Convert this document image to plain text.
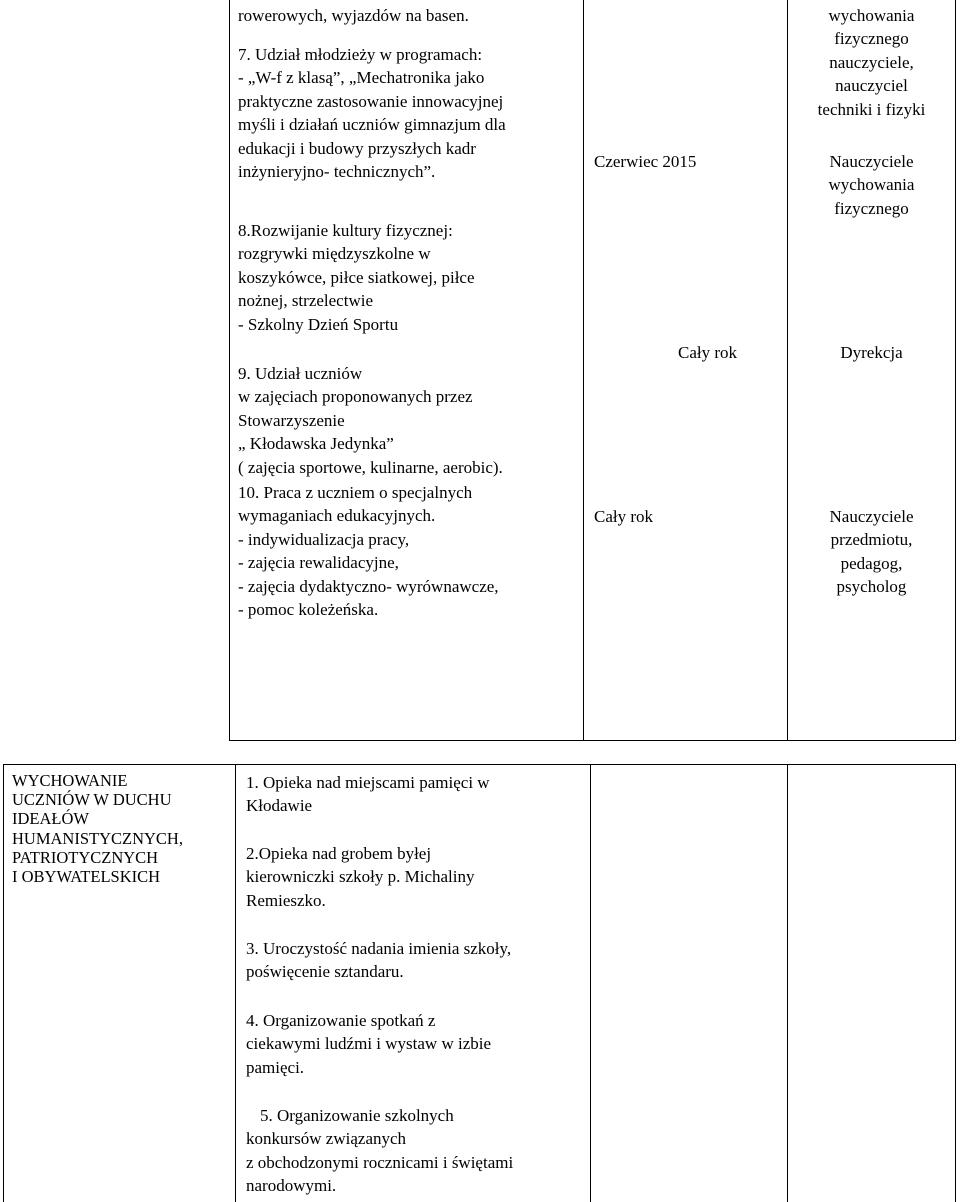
rowerowych, wyjazdów na basen.
7. Udział młodzieży w programach:
- „W-f z klasą”, „Mechatronika jako
praktyczne zastosowanie innowacyjnej
myśli i działań uczniów gimnazjum dla
edukacji i budowy przyszłych kadr
inżynieryjno- technicznych”.
8.Rozwijanie kultury fizycznej:
rozgrywki międzyszkolne w
koszykówce, piłce siatkowej, piłce
nożnej, strzelectwie
- Szkolny Dzień Sportu
9. Udział uczniów
w zajęciach proponowanych przez
Stowarzyszenie
„ Kłodawska Jedynka”
( zajęcia sportowe, kulinarne, aerobic).
10. Praca z uczniem o specjalnych
wymaganiach edukacyjnych.
- indywidualizacja pracy,
- zajęcia rewalidacyjne,
- zajęcia dydaktyczno- wyrównawcze,
- pomoc koleżeńska.
Czerwiec 2015
Cały rok
Cały rok
wychowania
fizycznego
nauczyciele,
nauczyciel
techniki i fizyki
Nauczyciele
wychowania
fizycznego
Dyrekcja
Nauczyciele
przedmiotu,
pedagog,
psycholog
WYCHOWANIE
UCZNIÓW W DUCHU
IDEAŁÓW
HUMANISTYCZNYCH,
PATRIOTYCZNYCH
I OBYWATELSKICH
1. Opieka nad miejscami pamięci w
Kłodawie
2.Opieka nad grobem byłej
kierowniczki szkoły p. Michaliny
Remieszko.
3. Uroczystość nadania imienia szkoły,
poświęcenie sztandaru.
4. Organizowanie spotkań z
ciekawymi ludźmi i wystaw w izbie
pamięci.
5. Organizowanie szkolnych
konkursów związanych
z obchodzonymi rocznicami i świętami
narodowymi.
